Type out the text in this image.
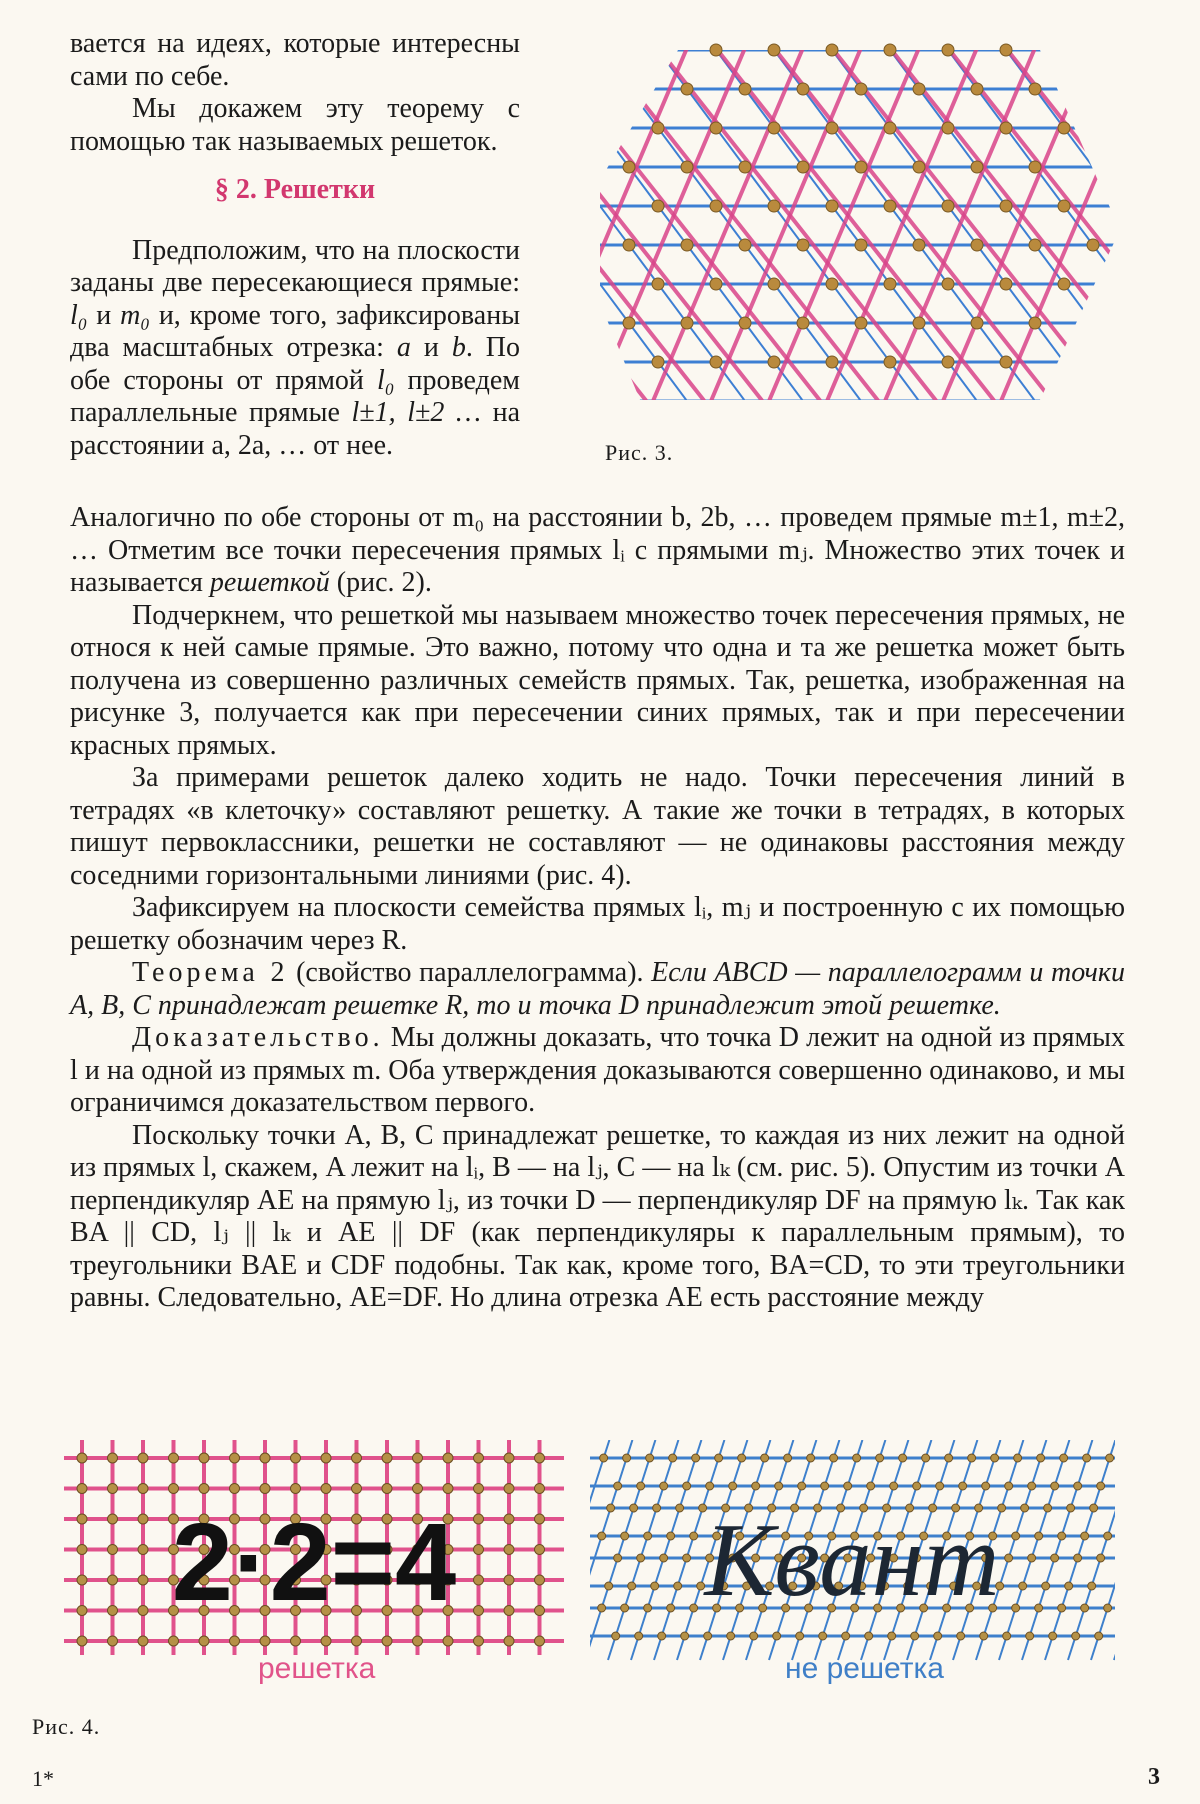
вается на идеях, которые интересны сами по себе.

Мы докажем эту теорему с помощью так называемых решеток.

§ 2. Решетки

Предположим, что на плоскости заданы две пересекающиеся прямые: l₀ и m₀ и, кроме того, зафиксированы два масштабных отрезка: a и b. По обе стороны от прямой l₀ проведем параллельные прямые l±1, l±2 … на расстоянии a, 2a, … от нее.	Рис. 3.

Аналогично по обе стороны от m₀ на расстоянии b, 2b, … проведем прямые m±1, m±2, … Отметим все точки пересечения прямых lᵢ с прямыми mⱼ. Множество этих точек и называется решеткой (рис. 2).

Подчеркнем, что решеткой мы называем множество точек пересечения прямых, не относя к ней самые прямые. Это важно, потому что одна и та же решетка может быть получена из совершенно различных семейств прямых. Так, решетка, изображенная на рисунке 3, получается как при пересечении синих прямых, так и при пересечении красных прямых.

За примерами решеток далеко ходить не надо. Точки пересечения линий в тетрадях «в клеточку» составляют решетку. А такие же точки в тетрадях, в которых пишут первоклассники, решетки не составляют — не одинаковы расстояния между соседними горизонтальными линиями (рис. 4).

Зафиксируем на плоскости семейства прямых lᵢ, mⱼ и построенную с их помощью решетку обозначим через R.

Теорема 2 (свойство параллелограмма). Если ABCD — параллелограмм и точки A, B, C принадлежат решетке R, то и точка D принадлежит этой решетке.

Доказательство. Мы должны доказать, что точка D лежит на одной из прямых l и на одной из прямых m. Оба утверждения доказываются совершенно одинаково, и мы ограничимся доказательством первого.

Поскольку точки A, B, C принадлежат решетке, то каждая из них лежит на одной из прямых l, скажем, A лежит на lᵢ, B — на lⱼ, C — на lₖ (см. рис. 5). Опустим из точки A перпендикуляр AE на прямую lⱼ, из точки D — перпендикуляр DF на прямую lₖ. Так как BA || CD, lⱼ || lₖ и AE || DF (как перпендикуляры к параллельным прямым), то треугольники BAE и CDF подобны. Так как, кроме того, BA=CD, то эти треугольники равны. Следовательно, AE=DF. Но длина отрезка AE есть расстояние между

2·2=4 Квант
решетка	не решетка
Рис. 4.
1*	3
